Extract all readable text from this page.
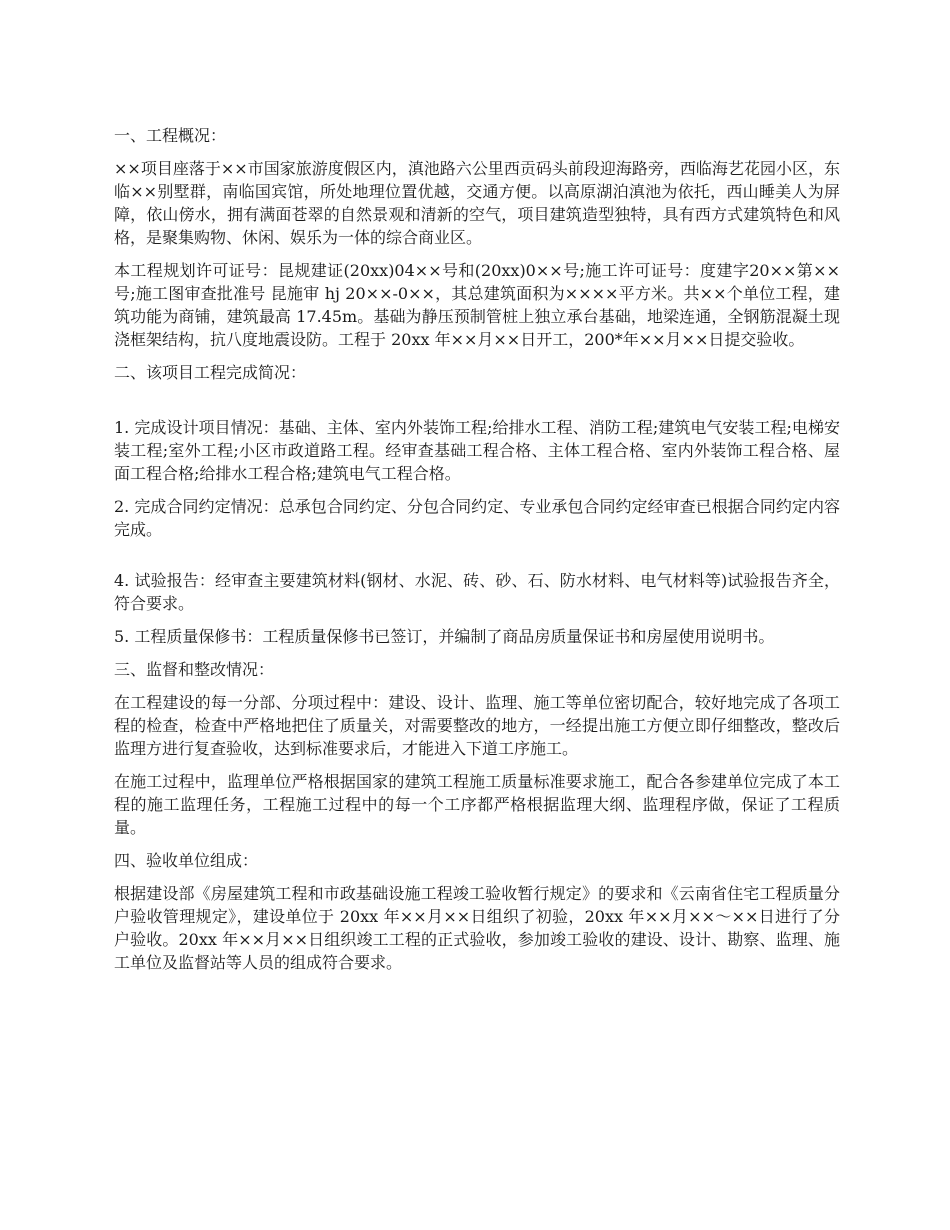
一、工程概况：

××项目座落于××市国家旅游度假区内，滇池路六公里西贡码头前段迎海路旁，西临海艺花园小区，东临××别墅群，南临国宾馆，所处地理位置优越，交通方便。以高原湖泊滇池为依托，西山睡美人为屏障，依山傍水，拥有满面苍翠的自然景观和清新的空气，项目建筑造型独特，具有西方式建筑特色和风格，是聚集购物、休闲、娱乐为一体的综合商业区。

本工程规划许可证号：昆规建证(20xx)04××号和(20xx)0××号;施工许可证号：度建字20××第××号;施工图审查批准号 昆施审 hj 20××-0××，其总建筑面积为××××平方米。共××个单位工程，建筑功能为商铺，建筑最高 17.45m。基础为静压预制管桩上独立承台基础，地梁连通，全钢筋混凝土现浇框架结构，抗八度地震设防。工程于 20xx 年××月××日开工，200*年××月××日提交验收。

二、该项目工程完成简况：

1. 完成设计项目情况：基础、主体、室内外装饰工程;给排水工程、消防工程;建筑电气安装工程;电梯安装工程;室外工程;小区市政道路工程。经审查基础工程合格、主体工程合格、室内外装饰工程合格、屋面工程合格;给排水工程合格;建筑电气工程合格。

2. 完成合同约定情况：总承包合同约定、分包合同约定、专业承包合同约定经审查已根据合同约定内容完成。

4. 试验报告：经审查主要建筑材料(钢材、水泥、砖、砂、石、防水材料、电气材料等)试验报告齐全，符合要求。

5. 工程质量保修书：工程质量保修书已签订，并编制了商品房质量保证书和房屋使用说明书。

三、监督和整改情况：

在工程建设的每一分部、分项过程中：建设、设计、监理、施工等单位密切配合，较好地完成了各项工程的检查，检查中严格地把住了质量关，对需要整改的地方，一经提出施工方便立即仔细整改，整改后监理方进行复查验收，达到标准要求后，才能进入下道工序施工。

在施工过程中，监理单位严格根据国家的建筑工程施工质量标准要求施工，配合各参建单位完成了本工程的施工监理任务，工程施工过程中的每一个工序都严格根据监理大纲、监理程序做，保证了工程质量。

四、验收单位组成：

根据建设部《房屋建筑工程和市政基础设施工程竣工验收暂行规定》的要求和《云南省住宅工程质量分户验收管理规定》，建设单位于 20xx 年××月××日组织了初验，20xx 年××月××～××日进行了分户验收。20xx 年××月××日组织竣工工程的正式验收，参加竣工验收的建设、设计、勘察、监理、施工单位及监督站等人员的组成符合要求。
